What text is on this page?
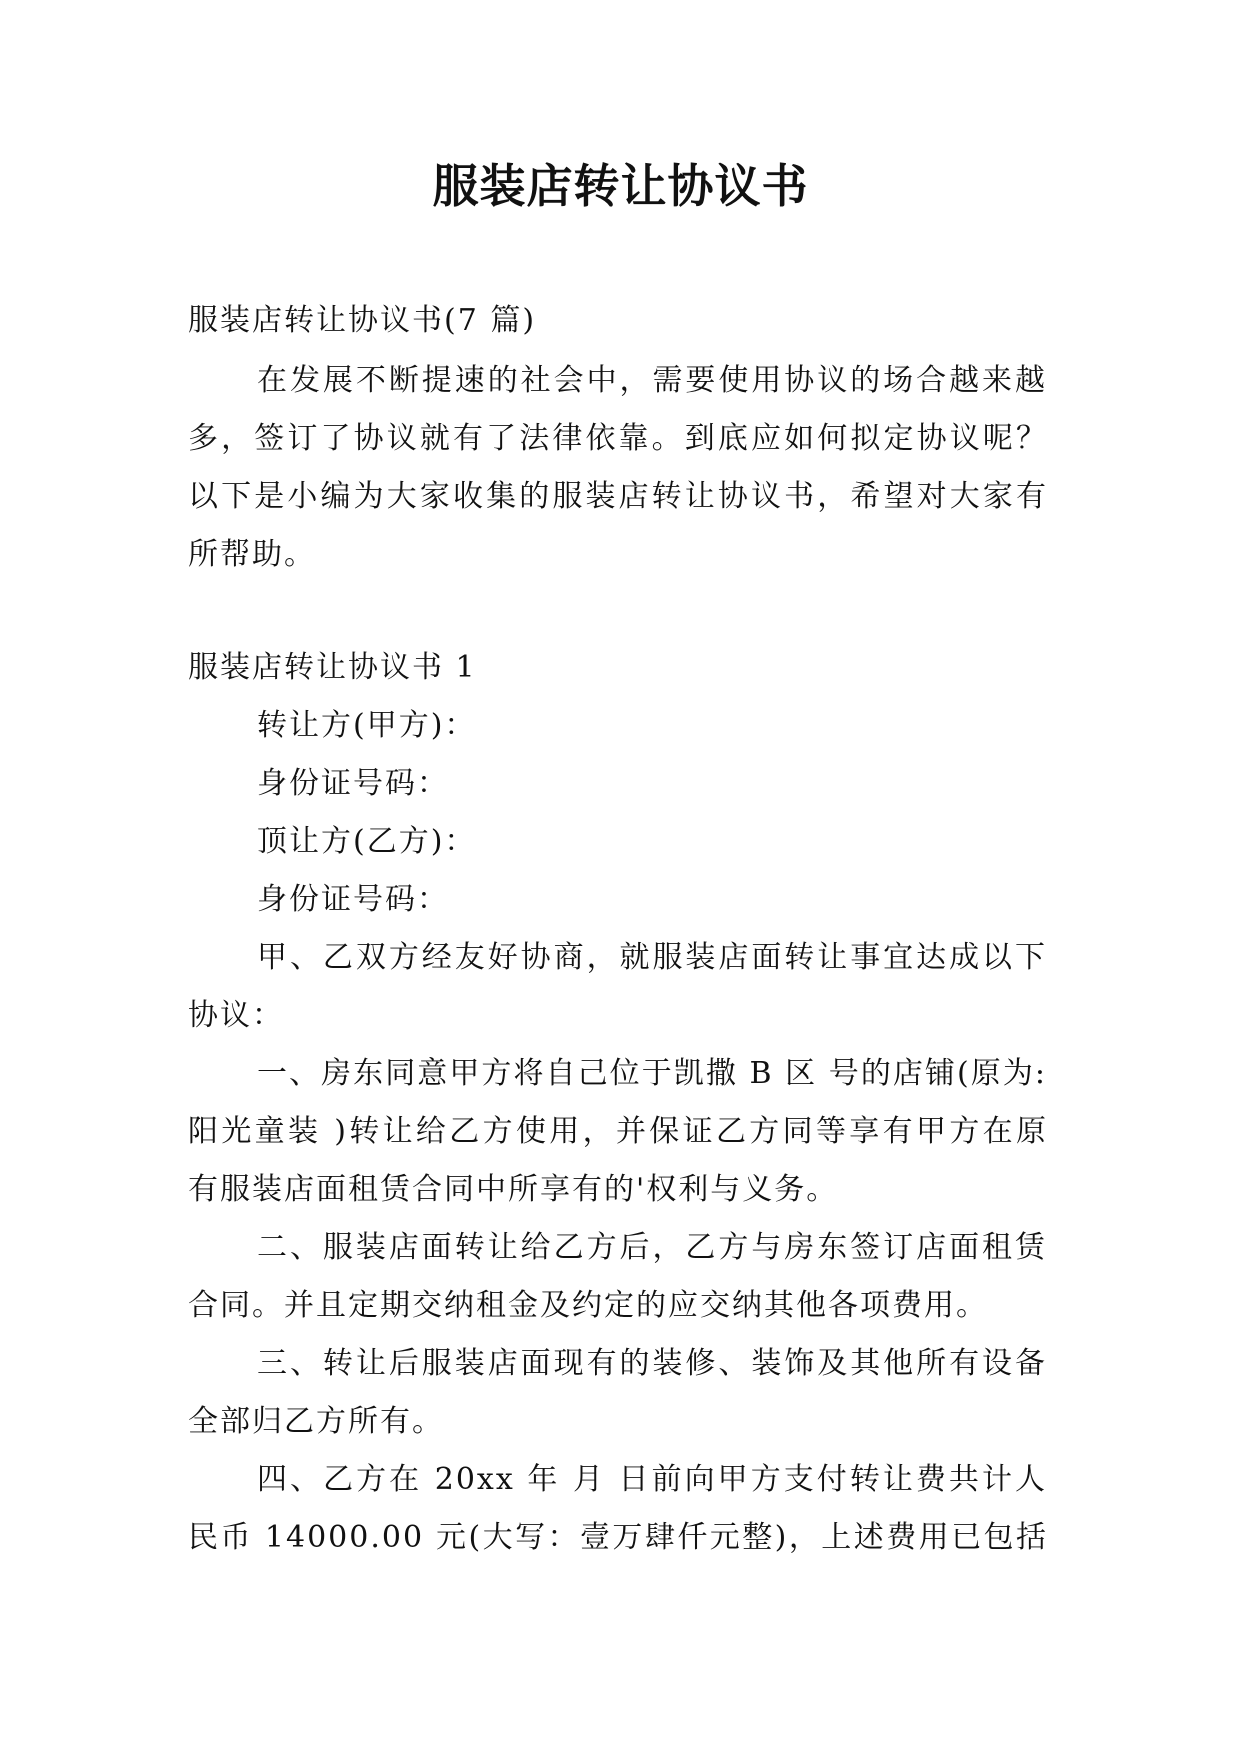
服装店转让协议书
服装店转让协议书(7 篇)
在发展不断提速的社会中，需要使用协议的场合越来越
多，签订了协议就有了法律依靠。到底应如何拟定协议呢？
以下是小编为大家收集的服装店转让协议书，希望对大家有
所帮助。
服装店转让协议书 1
转让方(甲方)：
身份证号码：
顶让方(乙方)：
身份证号码：
甲、乙双方经友好协商，就服装店面转让事宜达成以下
协议：
一、房东同意甲方将自己位于凯撒 B 区 号的店铺(原为:
阳光童装 )转让给乙方使用，并保证乙方同等享有甲方在原
有服装店面租赁合同中所享有的'权利与义务。
二、服装店面转让给乙方后，乙方与房东签订店面租赁
合同。并且定期交纳租金及约定的应交纳其他各项费用。
三、转让后服装店面现有的装修、装饰及其他所有设备
全部归乙方所有。
四、乙方在 20xx 年 月 日前向甲方支付转让费共计人
民币 14000.00 元(大写：壹万肆仟元整)，上述费用已包括
